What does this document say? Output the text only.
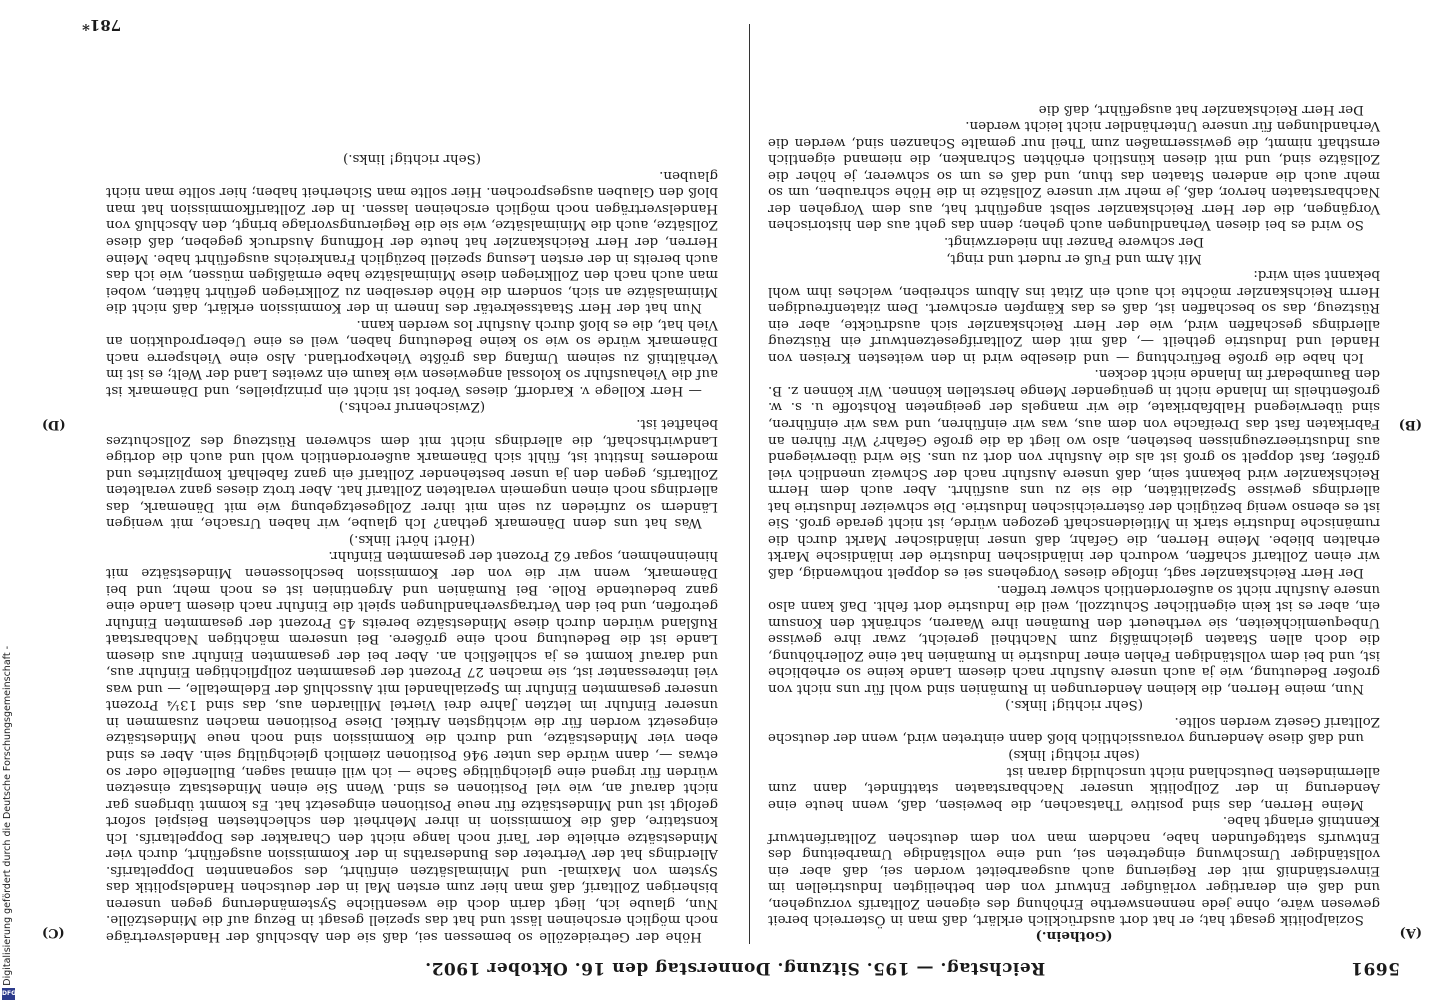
Digitalisierung gefördert durch die Deutsche Forschungsgemeinschaft -
DFG
5691
Reichstag. — 195. Sitzung. Donnerstag den 16. Oktober 1902.
(A)
(B)
(C)
(D)

(Gothein.)

Sozialpolitik gesagt hat; er hat dort ausdrücklich erklärt, daß man in Österreich bereit gewesen wäre, ohne jede nennenswerthe Erhöhung des eigenen Zolltarifs vorzugehen, und daß ein derartiger vorläufiger Entwurf von den betheiligten Industriellen im Einverständniß mit der Regierung auch ausgearbeitet worden sei, daß aber ein vollständiger Umschwung eingetreten sei, und eine vollständige Umarbeitung des Entwurfs stattgefunden habe, nachdem man von dem deutschen Zolltarifentwurf Kenntniß erlangt habe.

Meine Herren, das sind positive Thatsachen, die beweisen, daß, wenn heute eine Aenderung in der Zollpolitik unserer Nachbarstaaten stattfindet, dann zum allermindesten Deutschland nicht unschuldig daran ist

(sehr richtig! links)

und daß diese Aenderung voraussichtlich bloß dann eintreten wird, wenn der deutsche Zolltarif Gesetz werden sollte.

(Sehr richtig! links.)

Nun, meine Herren, die kleinen Aenderungen in Rumänien sind wohl für uns nicht von großer Bedeutung, wie ja auch unsere Ausfuhr nach diesem Lande keine so erhebliche ist, und bei dem vollständigen Fehlen einer Industrie in Rumänien hat eine Zollerhöhung, die doch allen Staaten gleichmäßig zum Nachtheil gereicht, zwar ihre gewisse Unbequemlichkeiten, sie vertheuert den Rumänen ihre Waaren, schränkt den Konsum ein, aber es ist kein eigentlicher Schutzzoll, weil die Industrie dort fehlt. Daß kann also unsere Ausfuhr nicht so außerordentlich schwer treffen.

Der Herr Reichskanzler sagt, infolge dieses Vorgehens sei es doppelt nothwendig, daß wir einen Zolltarif schaffen, wodurch der inländischen Industrie der inländische Markt erhalten bliebe. Meine Herren, die Gefahr, daß unser inländischer Markt durch die rumänische Industrie stark in Mitleidenschaft gezogen würde, ist nicht gerade groß. Sie ist es ebenso wenig bezüglich der österreichischen Industrie. Die schweizer Industrie hat allerdings gewisse Spezialitäten, die sie zu uns ausführt. Aber auch dem Herrn Reichskanzler wird bekannt sein, daß unsere Ausfuhr nach der Schweiz unendlich viel größer, fast doppelt so groß ist als die Ausfuhr von dort zu uns. Sie wird überwiegend aus Industrieerzeugnissen bestehen, also wo liegt da die große Gefahr? Wir führen an Fabrikaten fast das Dreifache von dem aus, was wir einführen, und was wir einführen, sind überwiegend Halbfabrikate, die wir mangels der geeigneten Rohstoffe u. s. w. großentheils im Inlande nicht in genügender Menge herstellen können. Wir können z. B. den Baumbedarf im Inlande nicht decken.

Ich habe die große Befürchtung — und dieselbe wird in den weitesten Kreisen von Handel und Industrie getheilt —, daß mit dem Zolltarifgesetzentwurf ein Rüstzeug allerdings geschaffen wird, wie der Herr Reichskanzler sich ausdrückte, aber ein Rüstzeug, das so beschaffen ist, daß es das Kämpfen erschwert. Dem zitatenfreudigen Herrn Reichskanzler möchte ich auch ein Zitat ins Album schreiben, welches ihm wohl bekannt sein wird:

Mit Arm und Fuß er rudert und ringt,

Der schwere Panzer ihn niederzwingt.

So wird es bei diesen Verhandlungen auch gehen; denn das geht aus den historischen Vorgängen, die der Herr Reichskanzler selbst angeführt hat, aus dem Vorgehen der Nachbarstaaten hervor, daß, je mehr wir unsere Zollsätze in die Höhe schrauben, um so mehr auch die anderen Staaten das thun, und daß es um so schwerer, je höher die Zollsätze sind, und mit diesen künstlich erhöhten Schranken, die niemand eigentlich ernsthaft nimmt, die gewissermaßen zum Theil nur gemalte Schanzen sind, werden die Verhandlungen für unsere Unterhändler nicht leicht werden.

Der Herr Reichskanzler hat ausgeführt, daß die

Höhe der Getreidezölle so bemessen sei, daß sie den Abschluß der Handelsverträge noch möglich erscheinen lässt und hat das speziell gesagt in Bezug auf die Mindestzölle. Nun, glaube ich, liegt darin doch die wesentliche Systemänderung gegen unseren bisherigen Zolltarif, daß man hier zum ersten Mal in der deutschen Handelspolitik das System von Maximal- und Minimalsätzen einführt, des sogenannten Doppeltarifs. Allerdings hat der Vertreter des Bundesraths in der Kommission ausgeführt, durch vier Mindestsätze erhielte der Tarif noch lange nicht den Charakter des Doppeltarifs. Ich konstatire, daß die Kommission in ihrer Mehrheit den schlechtesten Beispiel sofort gefolgt ist und Mindestsätze für neue Positionen eingesetzt hat. Es kommt übrigens gar nicht darauf an, wie viel Positionen es sind. Wenn Sie einen Mindestsatz einsetzen würden für irgend eine gleichgültige Sache — ich will einmal sagen, Bullenfelle oder so etwas —, dann würde das unter 946 Positionen ziemlich gleichgültig sein. Aber es sind eben vier Mindestsätze, und durch die Kommission sind noch neue Mindestsätze eingesetzt worden für die wichtigsten Artikel. Diese Positionen machen zusammen in unserer Einfuhr im letzten Jahre drei Viertel Milliarden aus, das sind 13¼ Prozent unserer gesammten Einfuhr im Spezialhandel mit Ausschluß der Edelmetalle, — und was viel interessanter ist, sie machen 27 Prozent der gesammten zollpflichtigen Einfuhr aus, und darauf kommt es ja schließlich an. Aber bei der gesammten Einfuhr aus diesem Lande ist die Bedeutung noch eine größere. Bei unserem mächtigen Nachbarstaat Rußland würden durch diese Mindestsätze bereits 45 Prozent der gesammten Einfuhr getroffen, und bei den Vertragsverhandlungen spielt die Einfuhr nach diesem Lande eine ganz bedeutende Rolle. Bei Rumänien und Argentinien ist es noch mehr, und bei Dänemark, wenn wir die von der Kommission beschlossenen Mindestsätze mit hineinnehmen, sogar 62 Prozent der gesammten Einfuhr.

(Hört! hört! links.)

Was hat uns denn Dänemark gethan? Ich glaube, wir haben Ursache, mit wenigen Ländern so zufrieden zu sein mit ihrer Zollgesetzgebung wie mit Dänemark, das allerdings noch einen ungemein veralteten Zolltarif hat. Aber trotz dieses ganz veralteten Zolltarifs, gegen den ja unser bestehender Zolltarif ein ganz fabelhaft komplizirtes und modernes Institut ist, fühlt sich Dänemark außerordentlich wohl und auch die dortige Landwirthschaft, die allerdings nicht mit dem schweren Rüstzeug des Zollschutzes behaftet ist.

(Zwischenruf rechts.)

— Herr Kollege v. Kardorff, dieses Verbot ist nicht ein prinzipielles, und Dänemark ist auf die Viehausfuhr so kolossal angewiesen wie kaum ein zweites Land der Welt; es ist im Verhältniß zu seinem Umfang das größte Viehexportland. Also eine Viehsperre nach Dänemark würde so wie so keine Bedeutung haben, weil es eine Ueberproduktion an Vieh hat, die es bloß durch Ausfuhr los werden kann.

Nun hat der Herr Staatssekretär des Innern in der Kommission erklärt, daß nicht die Minimalsätze an sich, sondern die Höhe derselben zu Zollkriegen geführt hätten, wobei man auch nach den Zollkriegen diese Minimalsätze habe ermäßigen müssen, wie ich das auch bereits in der ersten Lesung speziell bezüglich Frankreichs ausgeführt habe. Meine Herren, der Herr Reichskanzler hat heute der Hoffnung Ausdruck gegeben, daß diese Zollsätze, auch die Minimalsätze, wie sie die Regierungsvorlage bringt, den Abschluß von Handelsverträgen noch möglich erscheinen lassen. In der Zolltarifkommission hat man bloß den Glauben ausgesprochen. Hier sollte man Sicherheit haben; hier sollte man nicht glauben.

(Sehr richtig! links.)

781*
